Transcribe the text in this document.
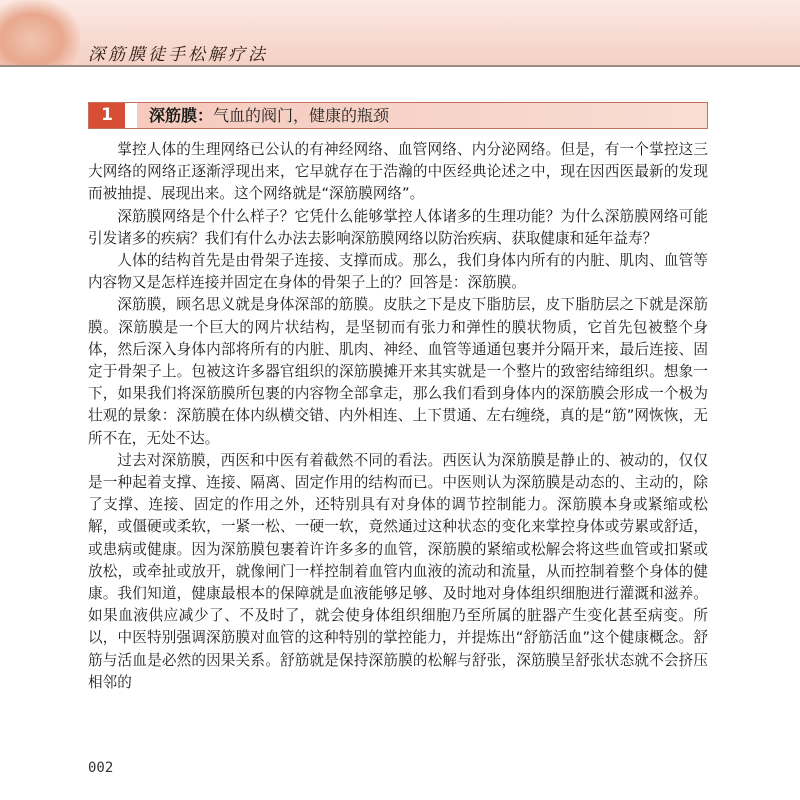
深筋膜徒手松解疗法
1	深筋膜：气血的阀门，健康的瓶颈

掌控人体的生理网络已公认的有神经网络、血管网络、内分泌网络。但是，有一个掌控这三大网络的网络正逐渐浮现出来，它早就存在于浩瀚的中医经典论述之中，现在因西医最新的发现而被抽提、展现出来。这个网络就是“深筋膜网络”。

深筋膜网络是个什么样子？它凭什么能够掌控人体诸多的生理功能？为什么深筋膜网络可能引发诸多的疾病？我们有什么办法去影响深筋膜网络以防治疾病、获取健康和延年益寿？

人体的结构首先是由骨架子连接、支撑而成。那么，我们身体内所有的内脏、肌肉、血管等内容物又是怎样连接并固定在身体的骨架子上的？回答是：深筋膜。

深筋膜，顾名思义就是身体深部的筋膜。皮肤之下是皮下脂肪层，皮下脂肪层之下就是深筋膜。深筋膜是一个巨大的网片状结构，是坚韧而有张力和弹性的膜状物质，它首先包被整个身体，然后深入身体内部将所有的内脏、肌肉、神经、血管等通通包裹并分隔开来，最后连接、固定于骨架子上。包被这许多器官组织的深筋膜摊开来其实就是一个整片的致密结缔组织。想象一下，如果我们将深筋膜所包裹的内容物全部拿走，那么我们看到身体内的深筋膜会形成一个极为壮观的景象：深筋膜在体内纵横交错、内外相连、上下贯通、左右缠绕，真的是“筋”网恢恢，无所不在，无处不达。

过去对深筋膜，西医和中医有着截然不同的看法。西医认为深筋膜是静止的、被动的，仅仅是一种起着支撑、连接、隔离、固定作用的结构而已。中医则认为深筋膜是动态的、主动的，除了支撑、连接、固定的作用之外，还特别具有对身体的调节控制能力。深筋膜本身或紧缩或松解，或僵硬或柔软，一紧一松、一硬一软，竟然通过这种状态的变化来掌控身体或劳累或舒适，或患病或健康。因为深筋膜包裹着许许多多的血管，深筋膜的紧缩或松解会将这些血管或扣紧或放松，或牵扯或放开，就像闸门一样控制着血管内血液的流动和流量，从而控制着整个身体的健康。我们知道，健康最根本的保障就是血液能够足够、及时地对身体组织细胞进行灌溉和滋养。如果血液供应减少了、不及时了，就会使身体组织细胞乃至所属的脏器产生变化甚至病变。所以，中医特别强调深筋膜对血管的这种特别的掌控能力，并提炼出“舒筋活血”这个健康概念。舒筋与活血是必然的因果关系。舒筋就是保持深筋膜的松解与舒张，深筋膜呈舒张状态就不会挤压相邻的

002
